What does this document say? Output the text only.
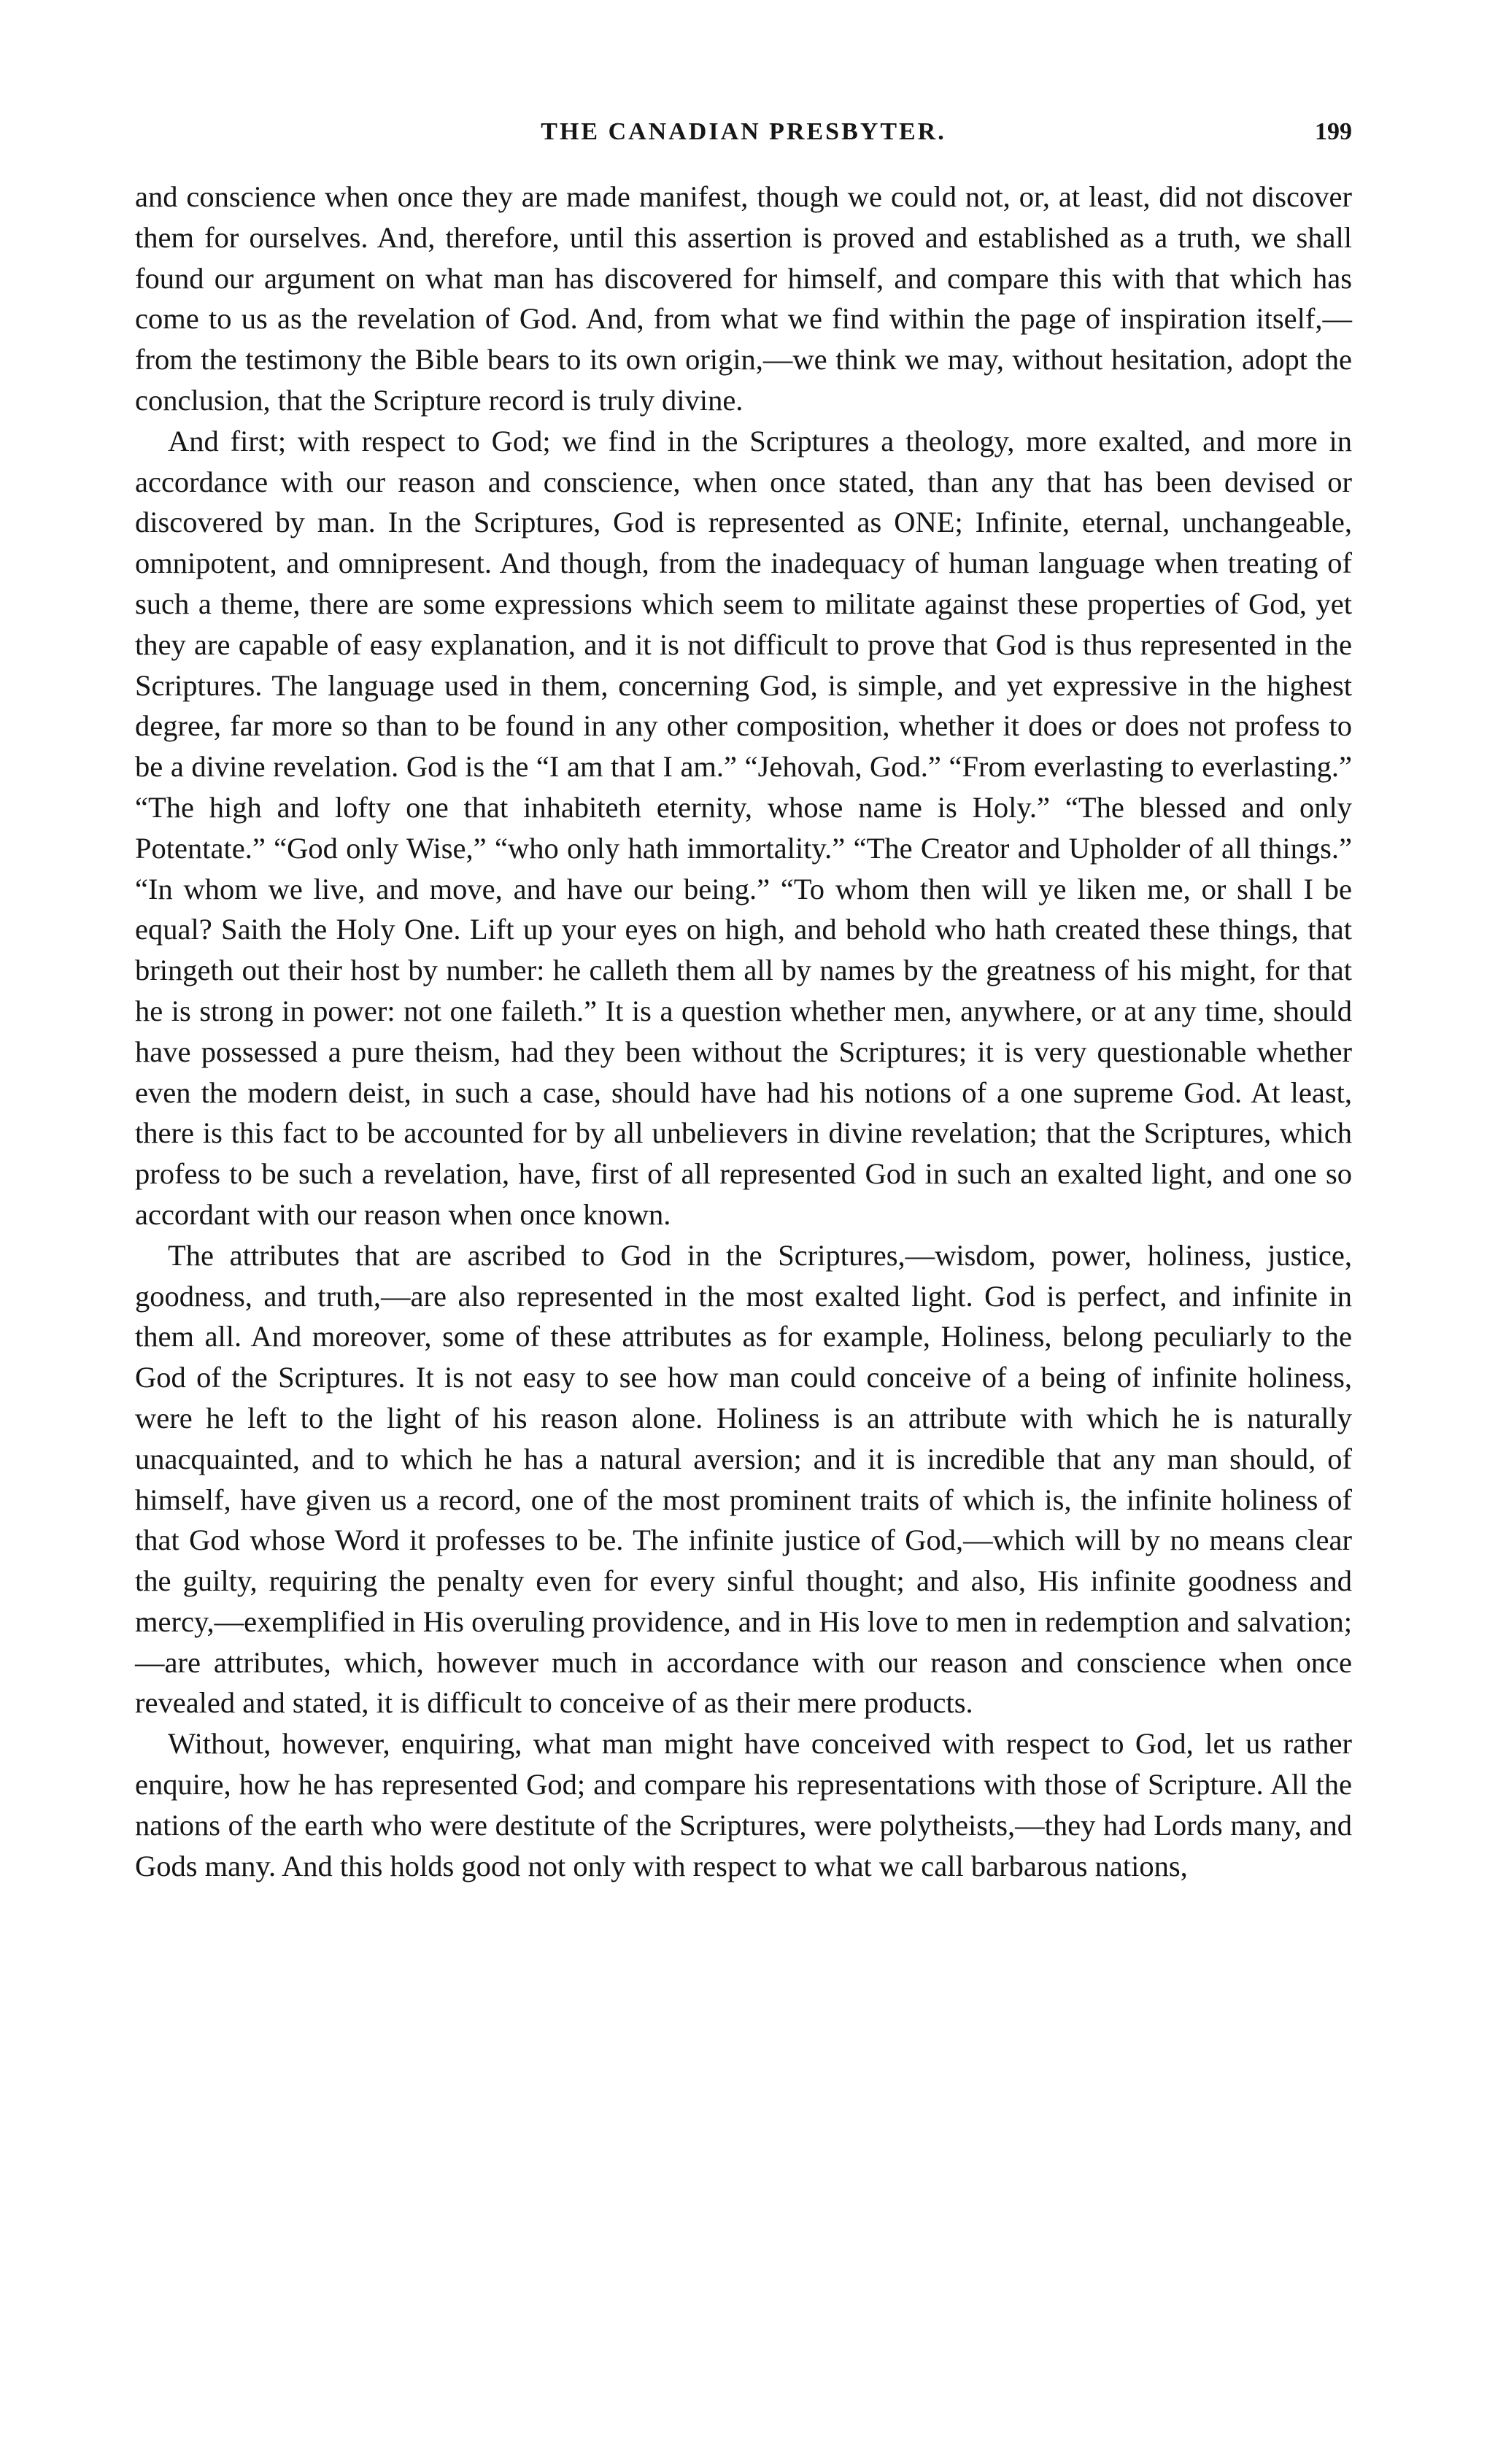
THE CANADIAN PRESBYTER.	199

and conscience when once they are made manifest, though we could not, or, at least, did not discover them for ourselves. And, therefore, until this assertion is proved and established as a truth, we shall found our argument on what man has discovered for himself, and compare this with that which has come to us as the revelation of God. And, from what we find within the page of inspiration itself,—from the testimony the Bible bears to its own origin,—we think we may, without hesitation, adopt the conclusion, that the Scripture record is truly divine.

And first; with respect to God; we find in the Scriptures a theology, more exalted, and more in accordance with our reason and conscience, when once stated, than any that has been devised or discovered by man. In the Scriptures, God is represented as ONE; Infinite, eternal, unchangeable, omnipotent, and omnipresent. And though, from the inadequacy of human language when treating of such a theme, there are some expressions which seem to militate against these properties of God, yet they are capable of easy explanation, and it is not difficult to prove that God is thus represented in the Scriptures. The language used in them, concerning God, is simple, and yet expressive in the highest degree, far more so than to be found in any other composition, whether it does or does not profess to be a divine revelation. God is the “I am that I am.” “Jehovah, God.” “From everlasting to everlasting.” “The high and lofty one that inhabiteth eternity, whose name is Holy.” “The blessed and only Potentate.” “God only Wise,” “who only hath immortality.” “The Creator and Upholder of all things.” “In whom we live, and move, and have our being.” “To whom then will ye liken me, or shall I be equal? Saith the Holy One. Lift up your eyes on high, and behold who hath created these things, that bringeth out their host by number: he calleth them all by names by the greatness of his might, for that he is strong in power: not one faileth.” It is a question whether men, anywhere, or at any time, should have possessed a pure theism, had they been without the Scriptures; it is very questionable whether even the modern deist, in such a case, should have had his notions of a one supreme God. At least, there is this fact to be accounted for by all unbelievers in divine revelation; that the Scriptures, which profess to be such a revelation, have, first of all represented God in such an exalted light, and one so accordant with our reason when once known.

The attributes that are ascribed to God in the Scriptures,—wisdom, power, holiness, justice, goodness, and truth,—are also represented in the most exalted light. God is perfect, and infinite in them all. And moreover, some of these attributes as for example, Holiness, belong peculiarly to the God of the Scriptures. It is not easy to see how man could conceive of a being of infinite holiness, were he left to the light of his reason alone. Holiness is an attribute with which he is naturally unacquainted, and to which he has a natural aversion; and it is incredible that any man should, of himself, have given us a record, one of the most prominent traits of which is, the infinite holiness of that God whose Word it professes to be. The infinite justice of God,—which will by no means clear the guilty, requiring the penalty even for every sinful thought; and also, His infinite goodness and mercy,—exemplified in His overuling providence, and in His love to men in redemption and salvation;—are attributes, which, however much in accordance with our reason and conscience when once revealed and stated, it is difficult to conceive of as their mere products.

Without, however, enquiring, what man might have conceived with respect to God, let us rather enquire, how he has represented God; and compare his representations with those of Scripture. All the nations of the earth who were destitute of the Scriptures, were polytheists,—they had Lords many, and Gods many. And this holds good not only with respect to what we call barbarous nations,
